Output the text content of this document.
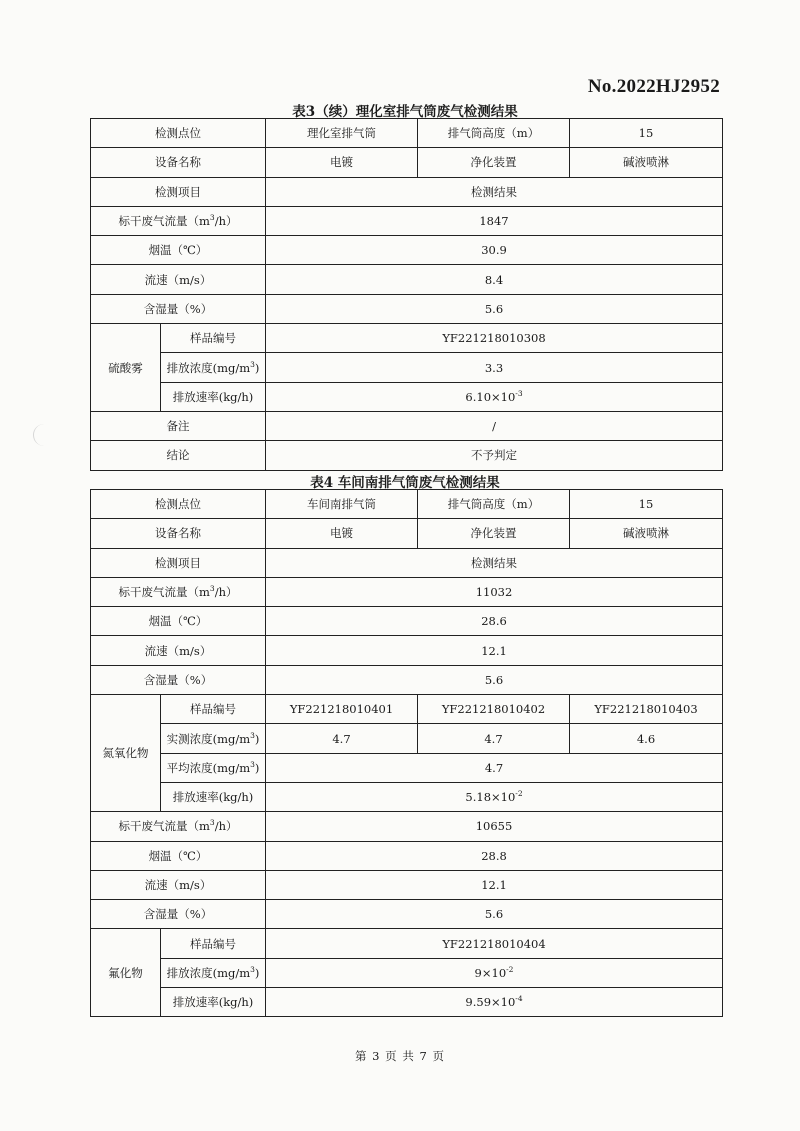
No.2022HJ2952
表3（续）理化室排气筒废气检测结果
检测点位		理化室排气筒	排气筒高度（m）	15
设备名称		电镀	净化装置	碱液喷淋
检测项目		检测结果		
标干废气流量$(m^3/h)$		1847		
烟温（℃）		30.9		
流速（m/s）		8.4		
含湿量（%）		5.6		
硫酸雾	样品编号	YF221218010308		
	排放浓度$(mg/m^3)$	3.3		
	排放速率(kg/h)	$6.10\times 10^{-3}$
备注		/		
结论		不予判定		
表4 车间南排气筒废气检测结果
检测点位		车间南排气筒	排气筒高度（m）	15
设备名称		电镀	净化装置	碱液喷淋
检测项目		检测结果		
标干废气流量$(m^3/h)$		11032		
烟温（℃）		28.6		
流速（m/s）		12.1		
含湿量（%）		5.6		
氮氧化物	样品编号	YF221218010401	YF221218010402	YF221218010403
	实测浓度$(mg/m^3)$	4.7	4.7	4.6
	平均浓度$(mg/m^3)$	4.7		
	排放速率(kg/h)	$5.18\times 10^{-2}$
标干废气流量$(m^3/h)$		10655		
烟温（℃）		28.8		
流速（m/s）		12.1		
含湿量（%）		5.6		
氟化物	样品编号	YF221218010404		
	排放浓度$(mg/m^3)$	$9\times 10^{-2}$
	排放速率(kg/h)	$9.59\times 10^{-4}$
第 3 页 共 7 页
